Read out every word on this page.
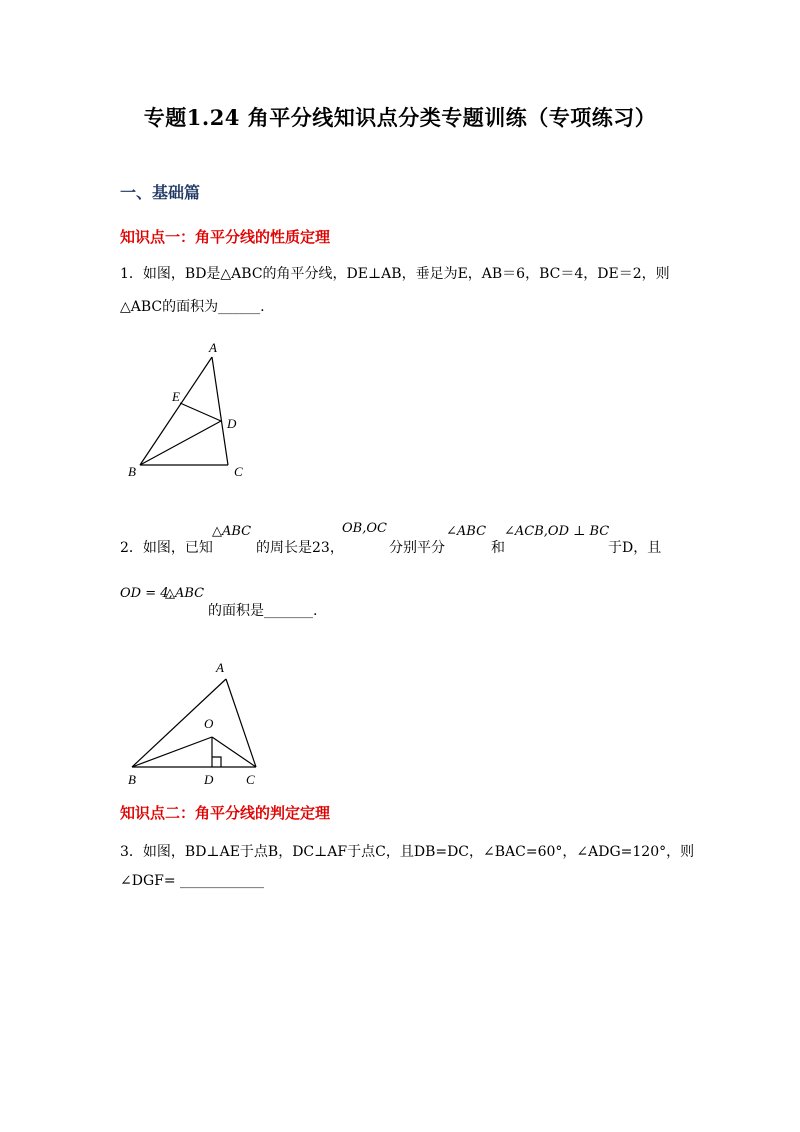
专题1.24 角平分线知识点分类专题训练（专项练习）
一、基础篇
知识点一：角平分线的性质定理
1．如图，BD是△ABC的角平分线，DE⊥AB，垂足为E，AB＝6，BC＝4，DE＝2，则
△ABC的面积为______.
A
E
D
B	C
2．如图，已知
△ABC
的周长是23，
OB,OC
分别平分
∠ABC
和
∠ACB,OD ⊥ BC
于D，且
OD = 4,
△ABC
的面积是_______.
A
O
B	D	C
知识点二：角平分线的判定定理
3．如图，BD⊥AE于点B，DC⊥AF于点C，且DB=DC，∠BAC=60°，∠ADG=120°，则
∠DGF= ____________
